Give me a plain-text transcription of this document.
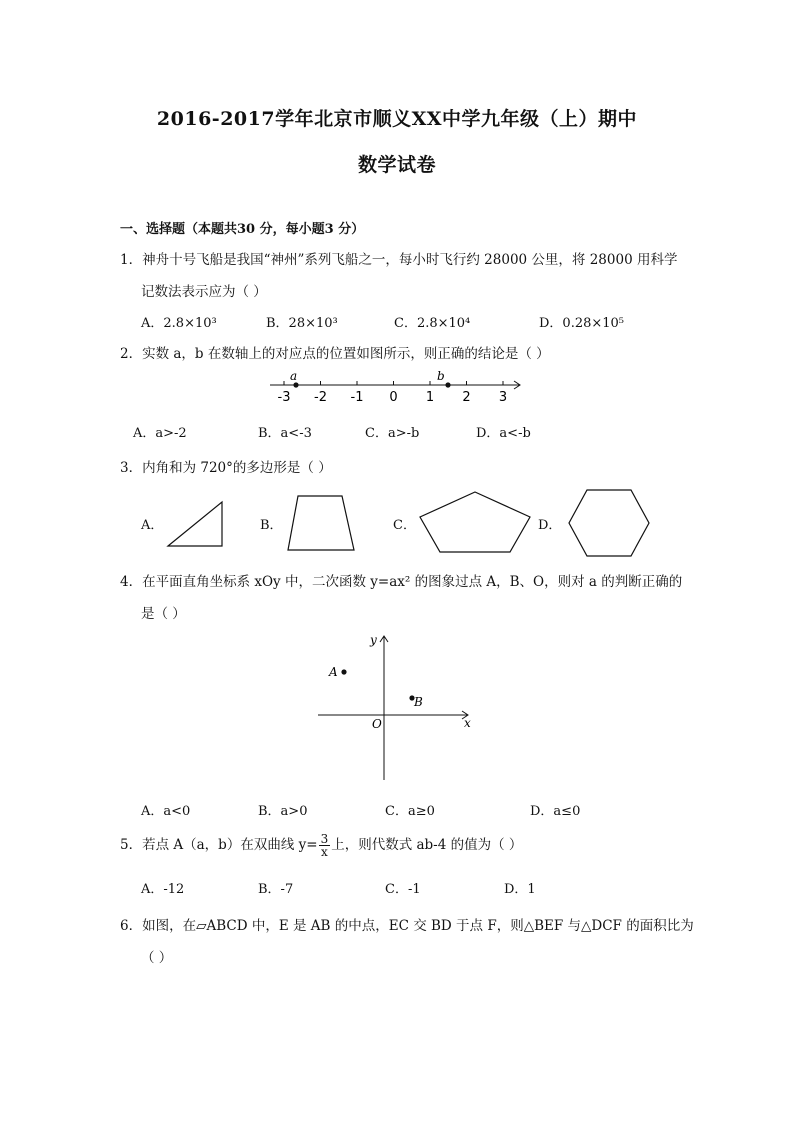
2016-2017学年北京市顺义XX中学九年级（上）期中
数学试卷
一、选择题（本题共30 分，每小题3 分）
1．神舟十号飞船是我国“神州”系列飞船之一，每小时飞行约 28000 公里，将 28000 用科学
记数法表示应为（ ）
A．2.8×10³	B．28×10³	C．2.8×10⁴	D．0.28×10⁵
2．实数 a，b 在数轴上的对应点的位置如图所示，则正确的结论是（ ）
-3 -2 -1 0 1 2 3
a	b
A．a>-2	B．a<-3	C．a>-b	D．a<-b
3．内角和为 720°的多边形是（ ）
A．	B．	C．	D．
4．在平面直角坐标系 xOy 中，二次函数 y=ax² 的图象过点 A，B、O，则对 a 的判断正确的
是（ ）
y
x
O
A
B
A．a<0	B．a>0	C．a≥0	D．a≤0
5．若点 A（a，b）在双曲线 $y= \frac{3}{x}$ 上，则代数式 ab-4 的值为（ ）
A．-12	B．-7	C．-1	D．1
6．如图，在▱ABCD 中，E 是 AB 的中点，EC 交 BD 于点 F，则△BEF 与△DCF 的面积比为
（ ）
